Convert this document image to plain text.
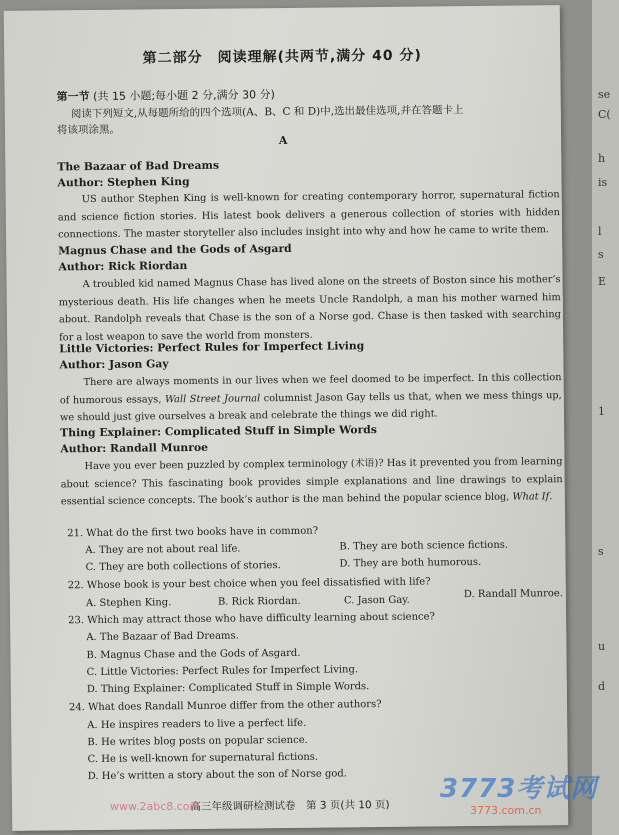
第二部分　阅读理解(共两节,满分 40 分)
第一节 (共 15 小题;每小题 2 分,满分 30 分)
阅读下列短文,从每题所给的四个选项(A、B、C 和 D)中,选出最佳选项,并在答题卡上
将该项涂黑。
A
The Bazaar of Bad Dreams
Author: Stephen King
US author Stephen King is well-known for creating contemporary horror, supernatural fiction and science fiction stories. His latest book delivers a generous collection of stories with hidden connections. The master storyteller also includes insight into why and how he came to write them.
Magnus Chase and the Gods of Asgard
Author: Rick Riordan
A troubled kid named Magnus Chase has lived alone on the streets of Boston since his mother’s mysterious death. His life changes when he meets Uncle Randolph, a man his mother warned him about. Randolph reveals that Chase is the son of a Norse god. Chase is then tasked with searching for a lost weapon to save the world from monsters.
Little Victories: Perfect Rules for Imperfect Living
Author: Jason Gay
There are always moments in our lives when we feel doomed to be imperfect. In this collection of humorous essays, Wall Street Journal columnist Jason Gay tells us that, when we mess things up, we should just give ourselves a break and celebrate the things we did right.
Thing Explainer: Complicated Stuff in Simple Words
Author: Randall Munroe
Have you ever been puzzled by complex terminology (术语)? Has it prevented you from learning about science? This fascinating book provides simple explanations and line drawings to explain essential science concepts. The book’s author is the man behind the popular science blog, What If.
21. What do the first two books have in common?
A. They are not about real life.	B. They are both science fictions.
C. They are both collections of stories.	D. They are both humorous.
22. Whose book is your best choice when you feel dissatisfied with life?
A. Stephen King.	B. Rick Riordan.	C. Jason Gay.
D. Randall Munroe.
23. Which may attract those who have difficulty learning about science?
A. The Bazaar of Bad Dreams.
B. Magnus Chase and the Gods of Asgard.
C. Little Victories: Perfect Rules for Imperfect Living.
D. Thing Explainer: Complicated Stuff in Simple Words.
24. What does Randall Munroe differ from the other authors?
A. He inspires readers to live a perfect life.
B. He writes blog posts on popular science.
C. He is well-known for supernatural fictions.
D. He’s written a story about the son of Norse god.
高三年级调研检测试卷　第 3 页(共 10 页)
se
C(
h
is
l
s
E
1
s
u
d
www.2abc8.com
3773考试网
3773.com.cn
